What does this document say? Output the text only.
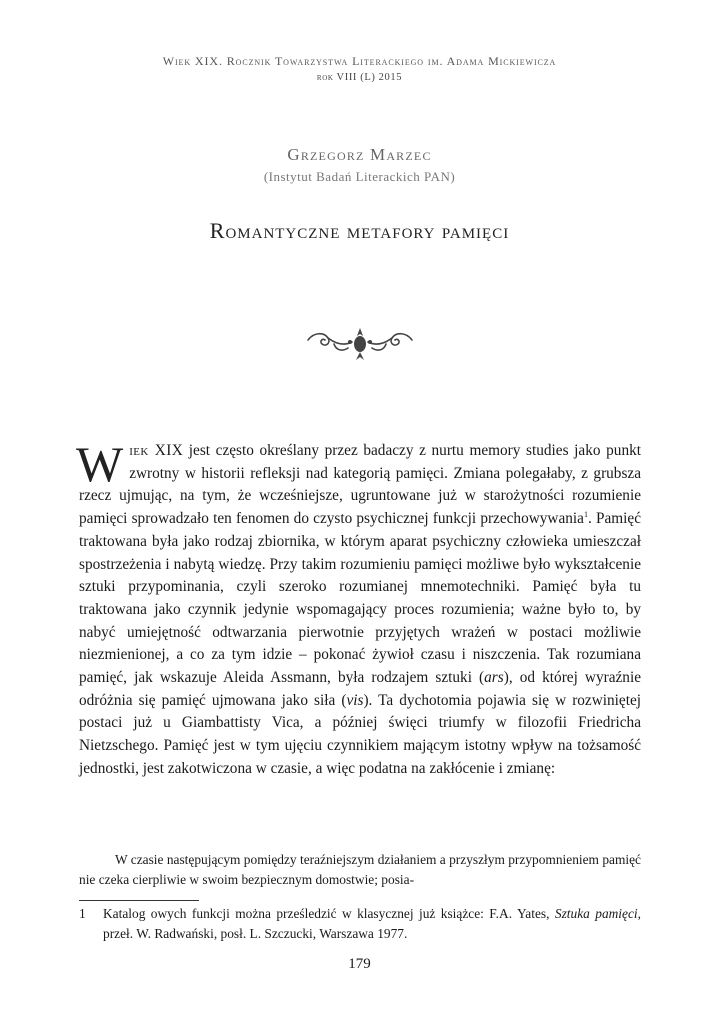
Wiek XIX. Rocznik Towarzystwa Literackiego im. Adama Mickiewicza
rok VIII (L) 2015
Grzegorz Marzec
(Instytut Badań Literackich PAN)
Romantyczne metafory pamięci
Wiek XIX jest często określany przez badaczy z nurtu memory studies jako punkt zwrotny w historii refleksji nad kategorią pamięci. Zmiana polegałaby, z grubsza rzecz ujmując, na tym, że wcześniejsze, ugruntowane już w starożytności rozumienie pamięci sprowadzało ten fenomen do czysto psychicznej funkcji przechowywania$^1$. Pamięć traktowana była jako rodzaj zbiornika, w którym aparat psychiczny człowieka umieszczał spostrzeżenia i nabytą wiedzę. Przy takim rozumieniu pamięci możliwe było wykształcenie sztuki przypominania, czyli szeroko rozumianej mnemotechniki. Pamięć była tu traktowana jako czynnik jedynie wspomagający proces rozumienia; ważne było to, by nabyć umiejętność odtwarzania pierwotnie przyjętych wrażeń w postaci możliwie niezmienionej, a co za tym idzie – pokonać żywioł czasu i niszczenia. Tak rozumiana pamięć, jak wskazuje Aleida Assmann, była rodzajem sztuki (ars), od której wyraźnie odróżnia się pamięć ujmowana jako siła (vis). Ta dychotomia pojawia się w rozwiniętej postaci już u Giambattisty Vica, a później święci triumfy w filozofii Friedricha Nietzschego. Pamięć jest w tym ujęciu czynnikiem mającym istotny wpływ na tożsamość jednostki, jest zakotwiczona w czasie, a więc podatna na zakłócenie i zmianę:
W czasie następującym pomiędzy teraźniejszym działaniem a przyszłym przypomnieniem pamięć nie czeka cierpliwie w swoim bezpiecznym domostwie; posia-
1	Katalog owych funkcji można prześledzić w klasycznej już książce: F.A. Yates, Sztuka pamięci, przeł. W. Radwański, posł. L. Szczucki, Warszawa 1977.
179
